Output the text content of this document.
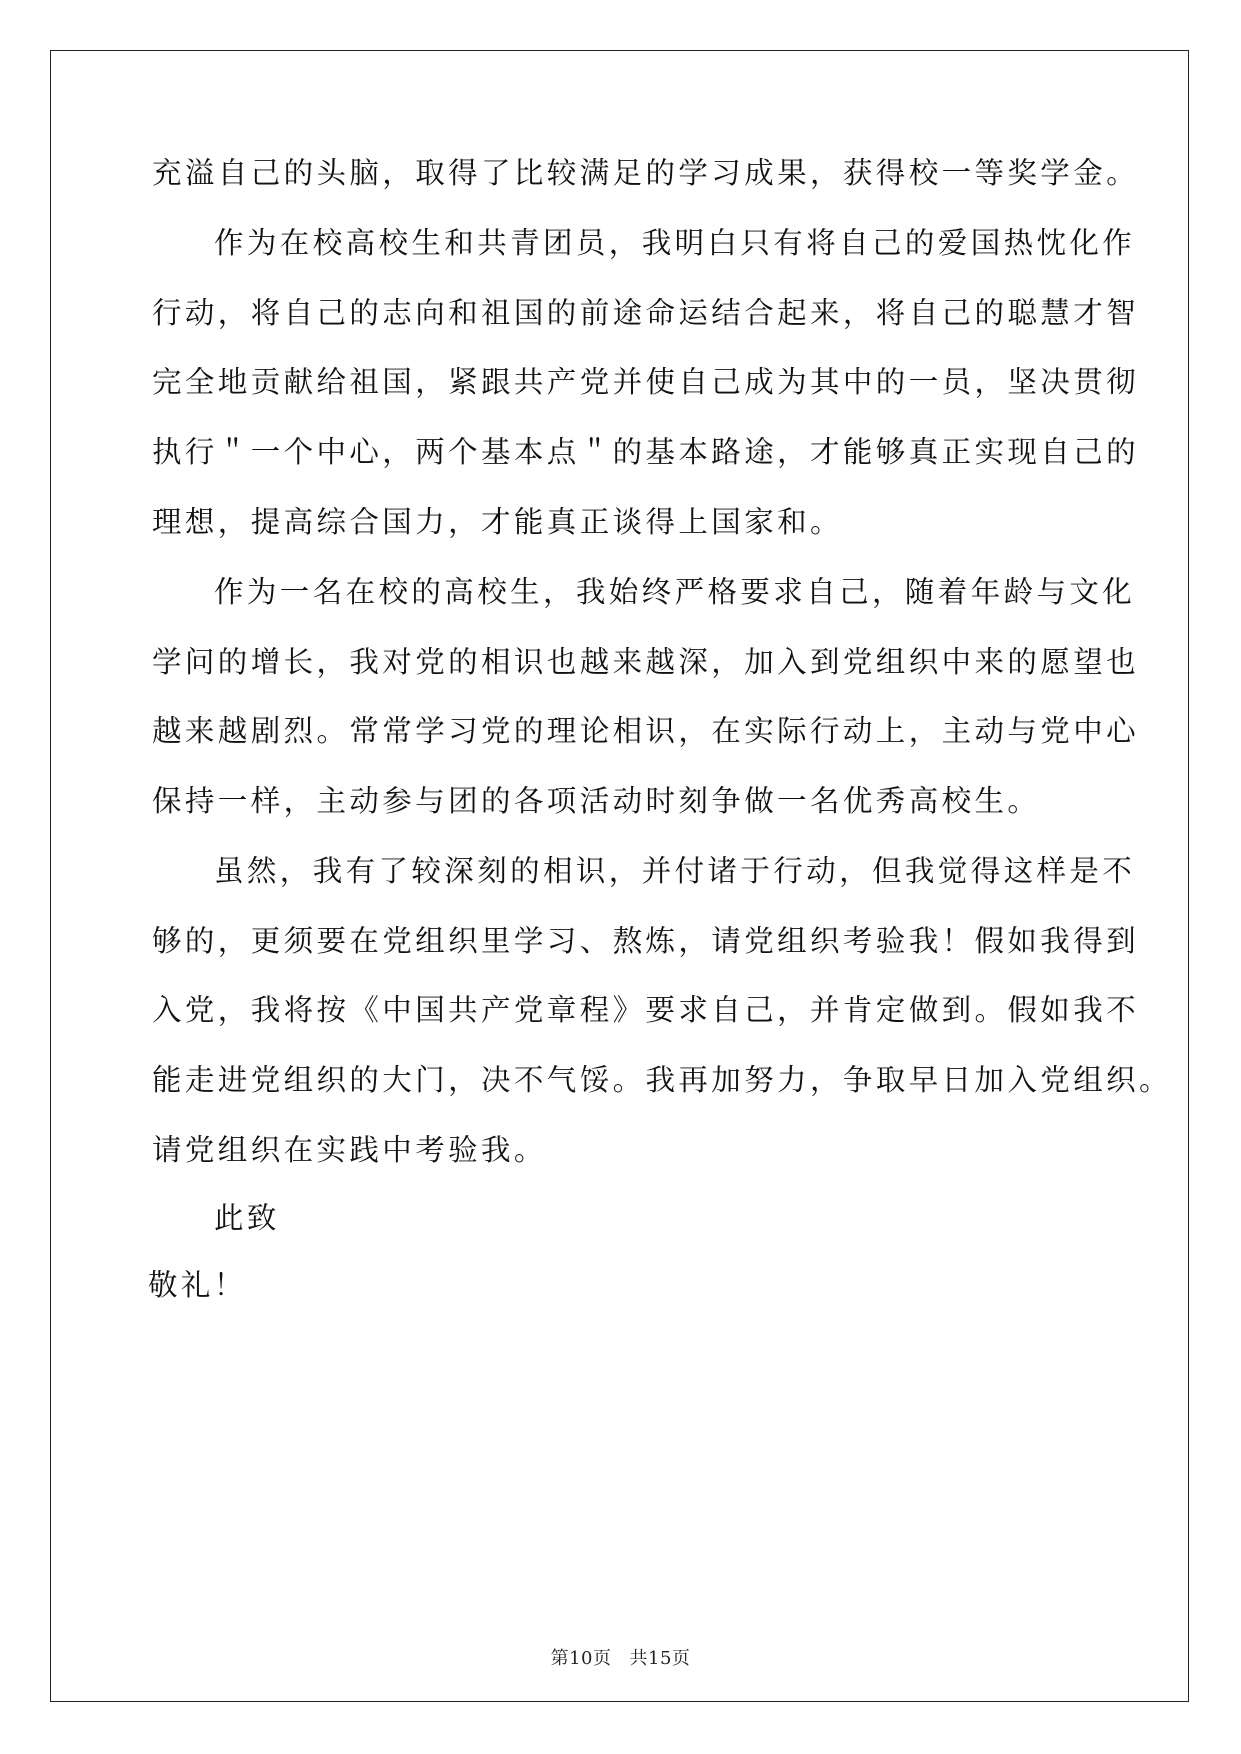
充溢自己的头脑，取得了比较满足的学习成果，获得校一等奖学金。
作为在校高校生和共青团员，我明白只有将自己的爱国热忱化作
行动，将自己的志向和祖国的前途命运结合起来，将自己的聪慧才智
完全地贡献给祖国，紧跟共产党并使自己成为其中的一员，坚决贯彻
执行＂一个中心，两个基本点＂的基本路途，才能够真正实现自己的
理想，提高综合国力，才能真正谈得上国家和。
作为一名在校的高校生，我始终严格要求自己，随着年龄与文化
学问的增长，我对党的相识也越来越深，加入到党组织中来的愿望也
越来越剧烈。常常学习党的理论相识，在实际行动上，主动与党中心
保持一样，主动参与团的各项活动时刻争做一名优秀高校生。
虽然，我有了较深刻的相识，并付诸于行动，但我觉得这样是不
够的，更须要在党组织里学习、熬炼，请党组织考验我！假如我得到
入党，我将按《中国共产党章程》要求自己，并肯定做到。假如我不
能走进党组织的大门，决不气馁。我再加努力，争取早日加入党组织。
请党组织在实践中考验我。
此致
敬礼！
第10页 共15页
